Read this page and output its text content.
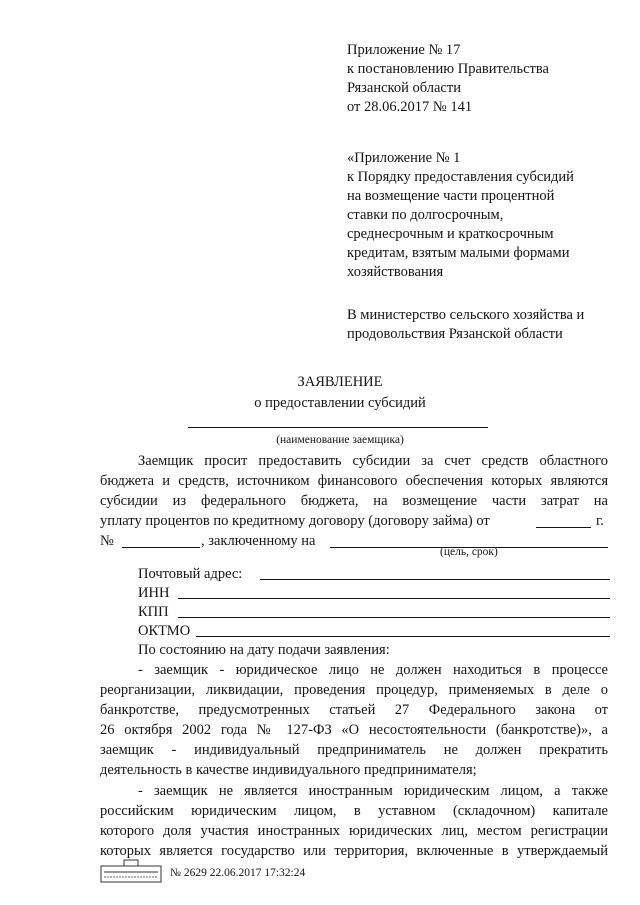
Приложение № 17
к постановлению Правительства
Рязанской области
от 28.06.2017 № 141
«Приложение № 1
к Порядку предоставления субсидий
на возмещение части процентной
ставки по долгосрочным,
среднесрочным и краткосрочным
кредитам, взятым малыми формами
хозяйствования
В министерство сельского хозяйства и
продовольствия Рязанской области
ЗАЯВЛЕНИЕ
о предоставлении субсидий
(наименование заемщика)
Заемщик просит предоставить субсидии за счет средств областного
бюджета и средств, источником финансового обеспечения которых являются
субсидии из федерального бюджета, на возмещение части затрат на
уплату процентов по кредитному договору (договору займа) от	г.
№	, заключенному на
(цель, срок)
Почтовый адрес:
ИНН
КПП
ОКТМО
По состоянию на дату подачи заявления:
- заемщик - юридическое лицо не должен находиться в процессе
реорганизации, ликвидации, проведения процедур, применяемых в деле о
банкротстве, предусмотренных статьей 27 Федерального закона от
26 октября 2002 года № 127-ФЗ «О несостоятельности (банкротстве)», а
заемщик - индивидуальный предприниматель не должен прекратить
деятельность в качестве индивидуального предпринимателя;
- заемщик не является иностранным юридическим лицом, а также
российским юридическим лицом, в уставном (складочном) капитале
которого доля участия иностранных юридических лиц, местом регистрации
которых является государство или территория, включенные в утверждаемый
№ 2629 22.06.2017 17:32:24
